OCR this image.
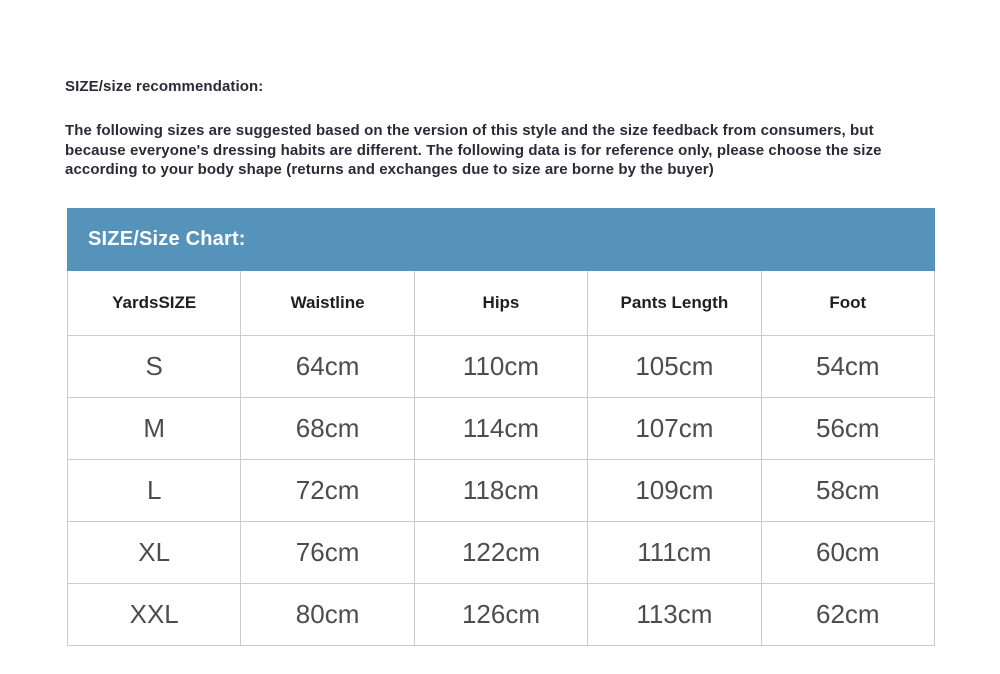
SIZE/size recommendation:
The following sizes are suggested based on the version of this style and the size feedback from consumers, but because everyone's dressing habits are different. The following data is for reference only, please choose the size according to your body shape (returns and exchanges due to size are borne by the buyer)
SIZE/Size Chart:
YardsSIZE	Waistline	Hips	Pants Length	Foot
S	64cm	110cm	105cm	54cm
M	68cm	114cm	107cm	56cm
L	72cm	118cm	109cm	58cm
XL	76cm	122cm	111cm	60cm
XXL	80cm	126cm	113cm	62cm
